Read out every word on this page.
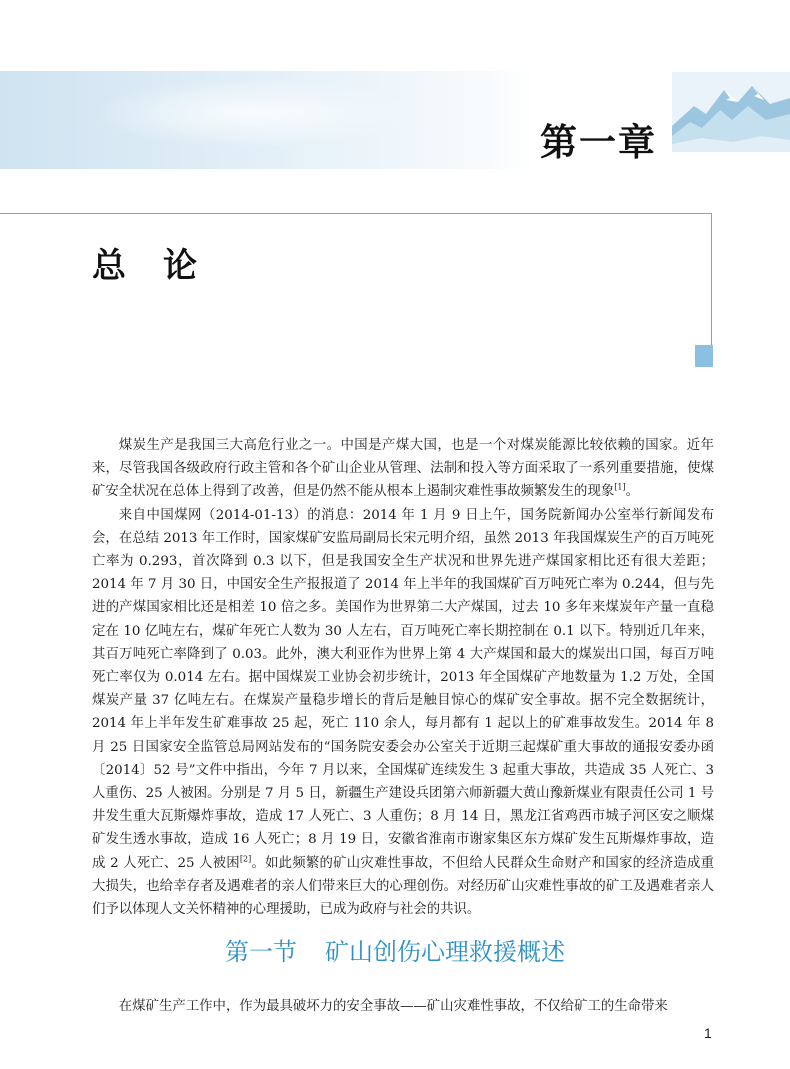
第一章
总论

煤炭生产是我国三大高危行业之一。中国是产煤大国，也是一个对煤炭能源比较依赖的国家。近年来，尽管我国各级政府行政主管和各个矿山企业从管理、法制和投入等方面采取了一系列重要措施，使煤矿安全状况在总体上得到了改善，但是仍然不能从根本上遏制灾难性事故频繁发生的现象[1]。

来自中国煤网（2014-01-13）的消息：2014 年 1 月 9 日上午，国务院新闻办公室举行新闻发布会，在总结 2013 年工作时，国家煤矿安监局副局长宋元明介绍，虽然 2013 年我国煤炭生产的百万吨死亡率为 0.293，首次降到 0.3 以下，但是我国安全生产状况和世界先进产煤国家相比还有很大差距；2014 年 7 月 30 日，中国安全生产报报道了 2014 年上半年的我国煤矿百万吨死亡率为 0.244，但与先进的产煤国家相比还是相差 10 倍之多。美国作为世界第二大产煤国，过去 10 多年来煤炭年产量一直稳定在 10 亿吨左右，煤矿年死亡人数为 30 人左右，百万吨死亡率长期控制在 0.1 以下。特别近几年来，其百万吨死亡率降到了 0.03。此外，澳大利亚作为世界上第 4 大产煤国和最大的煤炭出口国，每百万吨死亡率仅为 0.014 左右。据中国煤炭工业协会初步统计，2013 年全国煤矿产地数量为 1.2 万处，全国煤炭产量 37 亿吨左右。在煤炭产量稳步增长的背后是触目惊心的煤矿安全事故。据不完全数据统计，2014 年上半年发生矿难事故 25 起，死亡 110 余人，每月都有 1 起以上的矿难事故发生。2014 年 8 月 25 日国家安全监管总局网站发布的“国务院安委会办公室关于近期三起煤矿重大事故的通报安委办函〔2014〕52 号”文件中指出，今年 7 月以来，全国煤矿连续发生 3 起重大事故，共造成 35 人死亡、3 人重伤、25 人被困。分别是 7 月 5 日，新疆生产建设兵团第六师新疆大黄山豫新煤业有限责任公司 1 号井发生重大瓦斯爆炸事故，造成 17 人死亡、3 人重伤；8 月 14 日，黑龙江省鸡西市城子河区安之顺煤矿发生透水事故，造成 16 人死亡；8 月 19 日，安徽省淮南市谢家集区东方煤矿发生瓦斯爆炸事故，造成 2 人死亡、25 人被困[2]。如此频繁的矿山灾难性事故，不但给人民群众生命财产和国家的经济造成重大损失，也给幸存者及遇难者的亲人们带来巨大的心理创伤。对经历矿山灾难性事故的矿工及遇难者亲人们予以体现人文关怀精神的心理援助，已成为政府与社会的共识。

第一节 矿山创伤心理救援概述

在煤矿生产工作中，作为最具破坏力的安全事故——矿山灾难性事故，不仅给矿工的生命带来

1
